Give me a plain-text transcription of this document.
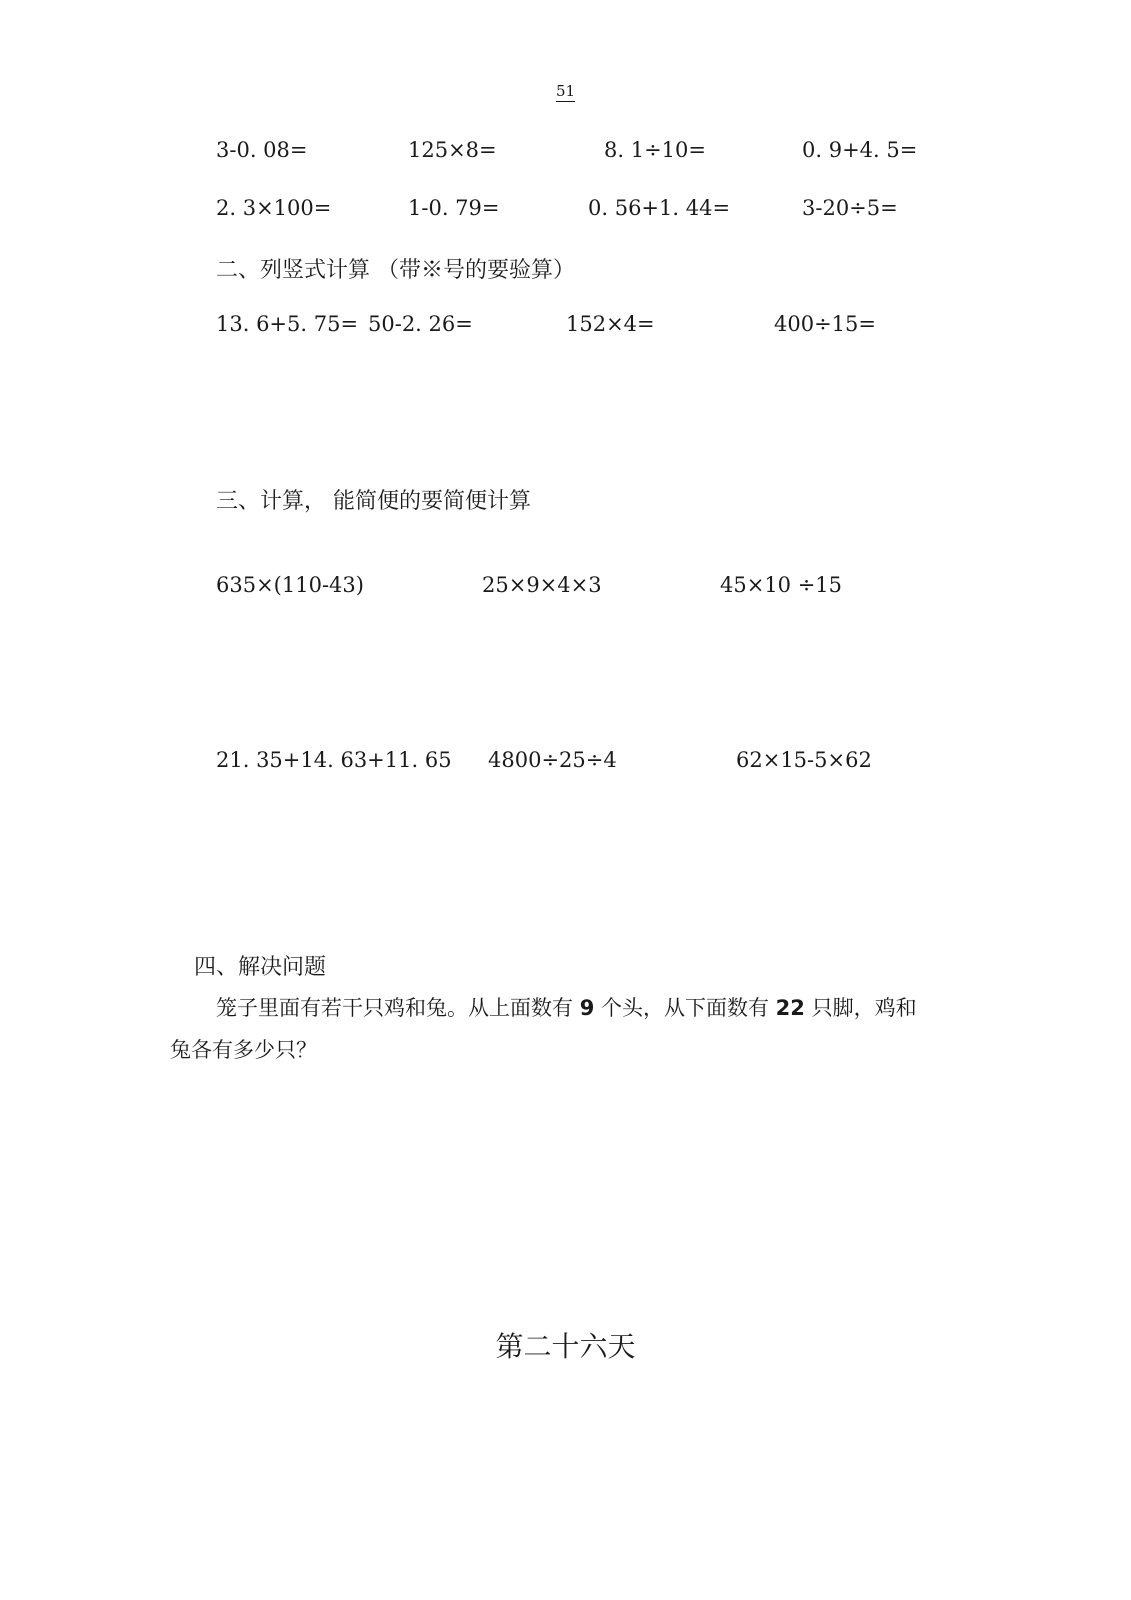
51
3-0. 08=	125×8=	8. 1÷10=	0. 9+4. 5=
2. 3×100=	1-0. 79=	0. 56+1. 44=	3-20÷5=
二、列竖式计算 （带※号的要验算）
13. 6+5. 75= 50-2. 26=	152×4=	400÷15=
三、计算， 能简便的要简便计算
635×(110-43)	25×9×4×3	45×10 ÷15
21. 35+14. 63+11. 65 4800÷25÷4	62×15-5×62
四、解决问题
笼子里面有若干只鸡和兔。从上面数有 9 个头，从下面数有 22 只脚，鸡和
兔各有多少只？
第二十六天
